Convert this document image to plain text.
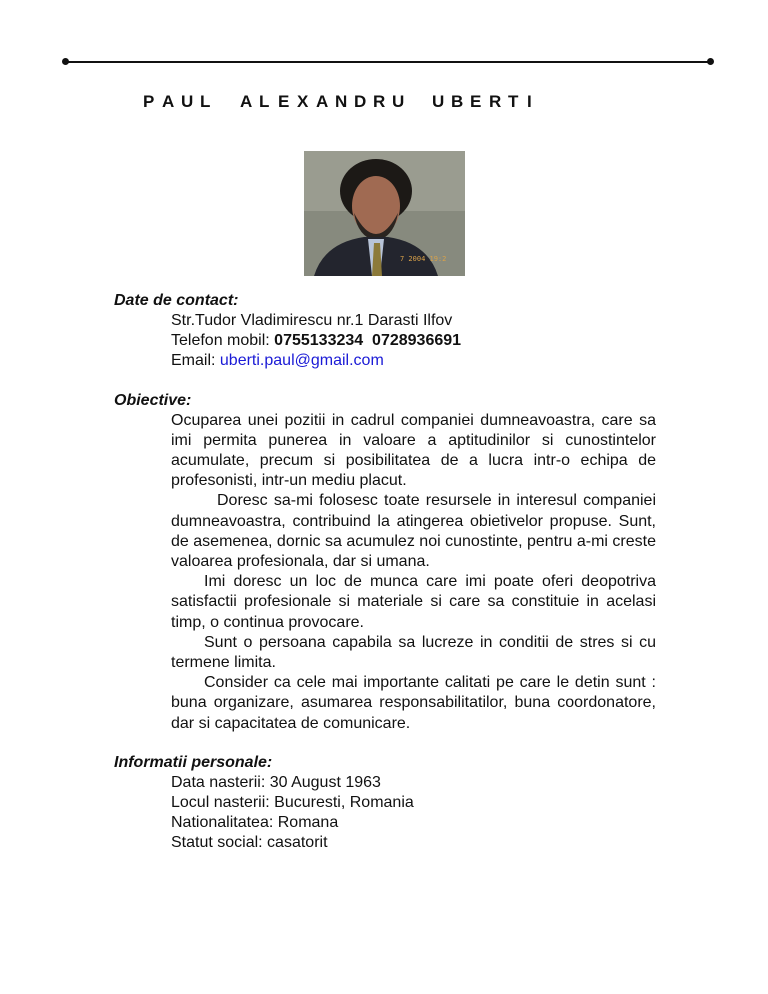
P A U L A L E X A N D R U U B E R T I
7 2004 19:2
Date de contact:
Str.Tudor Vladimirescu nr.1 Darasti Ilfov
Telefon mobil: 0755133234  0728936691
Email: uberti.paul@gmail.com
Obiective:
Ocuparea unei pozitii in cadrul companiei dumneavoastra, care sa imi permita punerea in valoare a aptitudinilor si cunostintelor acumulate, precum si posibilitatea de a lucra intr-o echipa de profesonisti, intr-un mediu placut.
Doresc sa-mi folosesc toate resursele in interesul companiei dumneavoastra, contribuind la atingerea obietivelor propuse. Sunt, de asemenea, dornic sa acumulez noi cunostinte, pentru a-mi creste valoarea profesionala, dar si umana.
Imi doresc un loc de munca care imi poate oferi deopotriva satisfactii profesionale si materiale si care sa constituie in acelasi timp, o continua provocare.
Sunt o persoana capabila sa lucreze in conditii de stres si cu termene limita.
Consider ca cele mai importante calitati pe care le detin sunt : buna organizare, asumarea responsabilitatilor, buna coordonatore, dar si capacitatea de comunicare.
Informatii personale:
Data nasterii: 30 August 1963
Locul nasterii: Bucuresti, Romania
Nationalitatea: Romana
Statut social: casatorit
